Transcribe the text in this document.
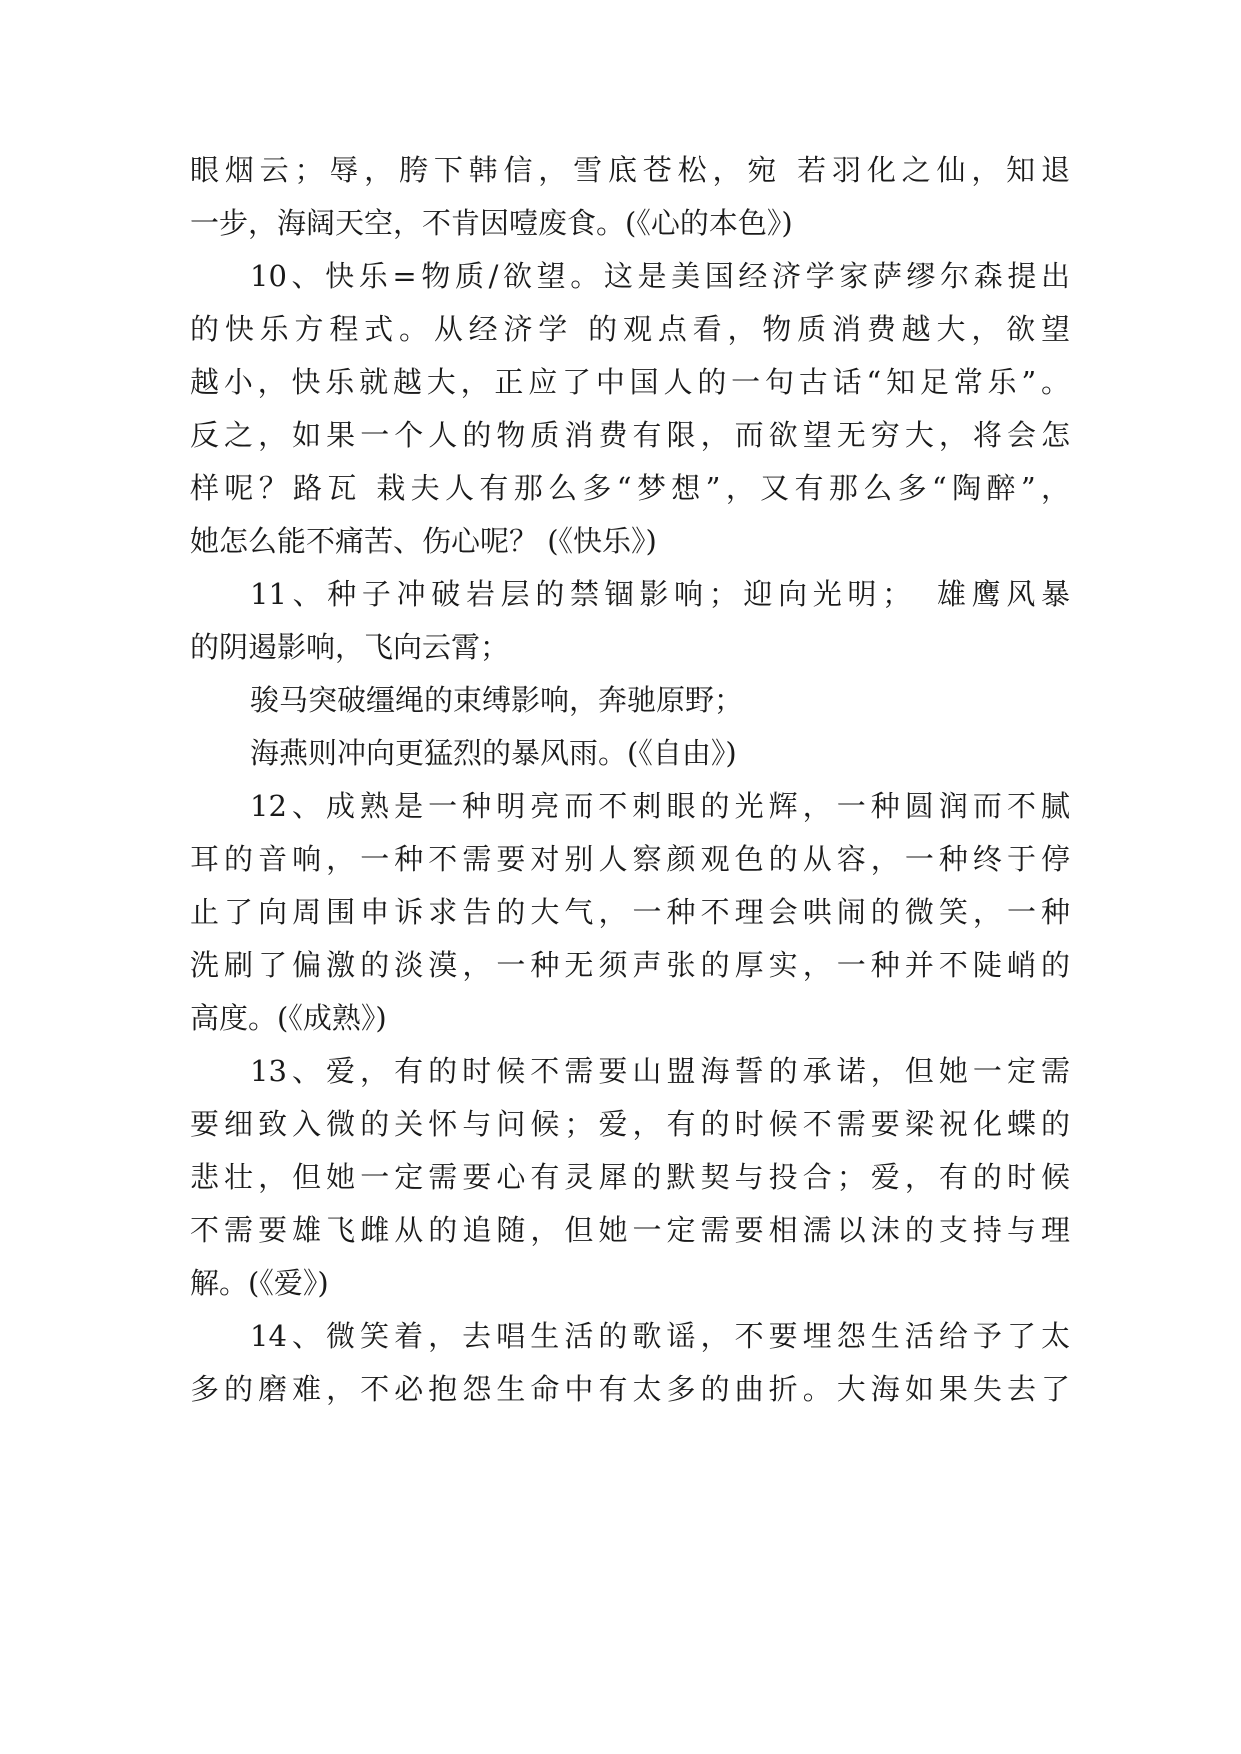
眼烟云；辱，胯下韩信，雪底苍松，宛 若羽化之仙，知退
一步，海阔天空，不肯因噎废食。(《心的本色》)
10、快乐=物质/欲望。这是美国经济学家萨缪尔森提出
的快乐方程式。从经济学 的观点看，物质消费越大，欲望
越小，快乐就越大，正应了中国人的一句古话“知足常乐”。
反之，如果一个人的物质消费有限，而欲望无穷大，将会怎
样呢？路瓦 栽夫人有那么多“梦想”，又有那么多“陶醉”，
她怎么能不痛苦、伤心呢？ (《快乐》)
11、种子冲破岩层的禁锢影响；迎向光明；　雄鹰风暴
的阴遏影响，飞向云霄；
骏马突破缰绳的束缚影响，奔驰原野；
海燕则冲向更猛烈的暴风雨。(《自由》)
12、成熟是一种明亮而不刺眼的光辉，一种圆润而不腻
耳的音响，一种不需要对别人察颜观色的从容，一种终于停
止了向周围申诉求告的大气，一种不理会哄闹的微笑，一种
洗刷了偏激的淡漠，一种无须声张的厚实，一种并不陡峭的
高度。(《成熟》)
13、爱，有的时候不需要山盟海誓的承诺，但她一定需
要细致入微的关怀与问候；爱，有的时候不需要梁祝化蝶的
悲壮，但她一定需要心有灵犀的默契与投合；爱，有的时候
不需要雄飞雌从的追随，但她一定需要相濡以沫的支持与理
解。(《爱》)
14、微笑着，去唱生活的歌谣，不要埋怨生活给予了太
多的磨难，不必抱怨生命中有太多的曲折。大海如果失去了
